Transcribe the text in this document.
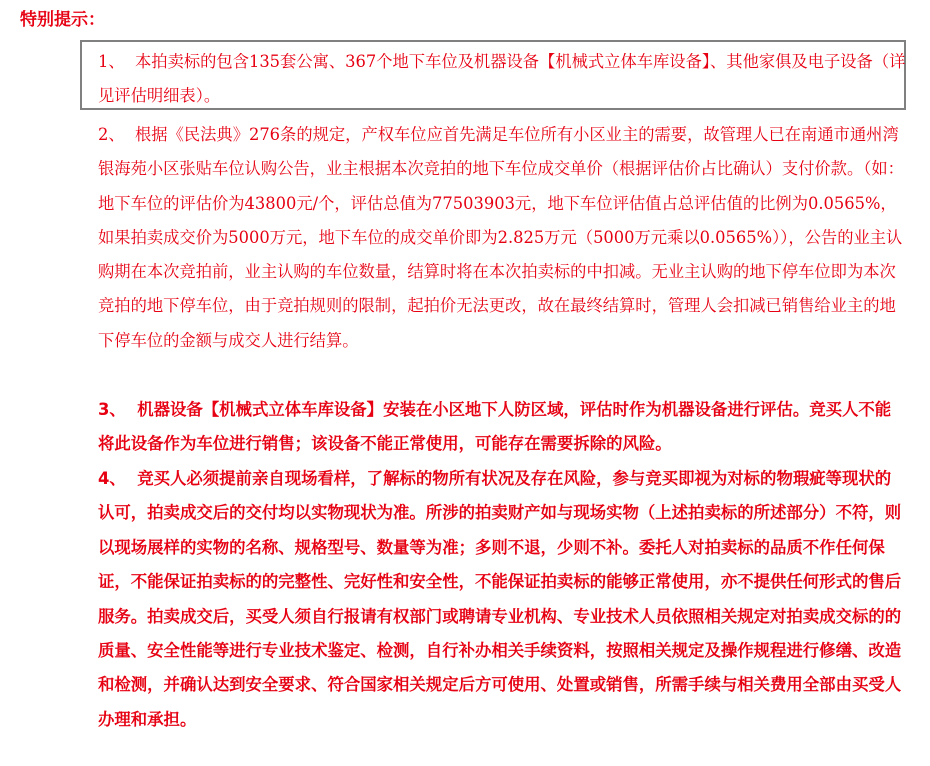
特别提示：

1、 本拍卖标的包含135套公寓、367个地下车位及机器设备【机械式立体车库设备】、其他家俱及电子设备（详见评估明细表）。

2、 根据《民法典》276条的规定，产权车位应首先满足车位所有小区业主的需要，故管理人已在南通市通州湾银海苑小区张贴车位认购公告，业主根据本次竞拍的地下车位成交单价（根据评估价占比确认）支付价款。（如：地下车位的评估价为43800元/个，评估总值为77503903元，地下车位评估值占总评估值的比例为0.0565%，如果拍卖成交价为5000万元，地下车位的成交单价即为2.825万元（5000万元乘以0.0565%）），公告的业主认购期在本次竞拍前，业主认购的车位数量，结算时将在本次拍卖标的中扣减。无业主认购的地下停车位即为本次竞拍的地下停车位，由于竞拍规则的限制，起拍价无法更改，故在最终结算时，管理人会扣减已销售给业主的地下停车位的金额与成交人进行结算。

3、 机器设备【机械式立体车库设备】安装在小区地下人防区域，评估时作为机器设备进行评估。竞买人不能将此设备作为车位进行销售；该设备不能正常使用，可能存在需要拆除的风险。

4、 竞买人必须提前亲自现场看样，了解标的物所有状况及存在风险，参与竞买即视为对标的物瑕疵等现状的认可，拍卖成交后的交付均以实物现状为准。所涉的拍卖财产如与现场实物（上述拍卖标的所述部分）不符，则以现场展样的实物的名称、规格型号、数量等为准；多则不退，少则不补。委托人对拍卖标的品质不作任何保证，不能保证拍卖标的的完整性、完好性和安全性，不能保证拍卖标的能够正常使用，亦不提供任何形式的售后服务。拍卖成交后，买受人须自行报请有权部门或聘请专业机构、专业技术人员依照相关规定对拍卖成交标的的质量、安全性能等进行专业技术鉴定、检测，自行补办相关手续资料，按照相关规定及操作规程进行修缮、改造和检测，并确认达到安全要求、符合国家相关规定后方可使用、处置或销售，所需手续与相关费用全部由买受人办理和承担。
